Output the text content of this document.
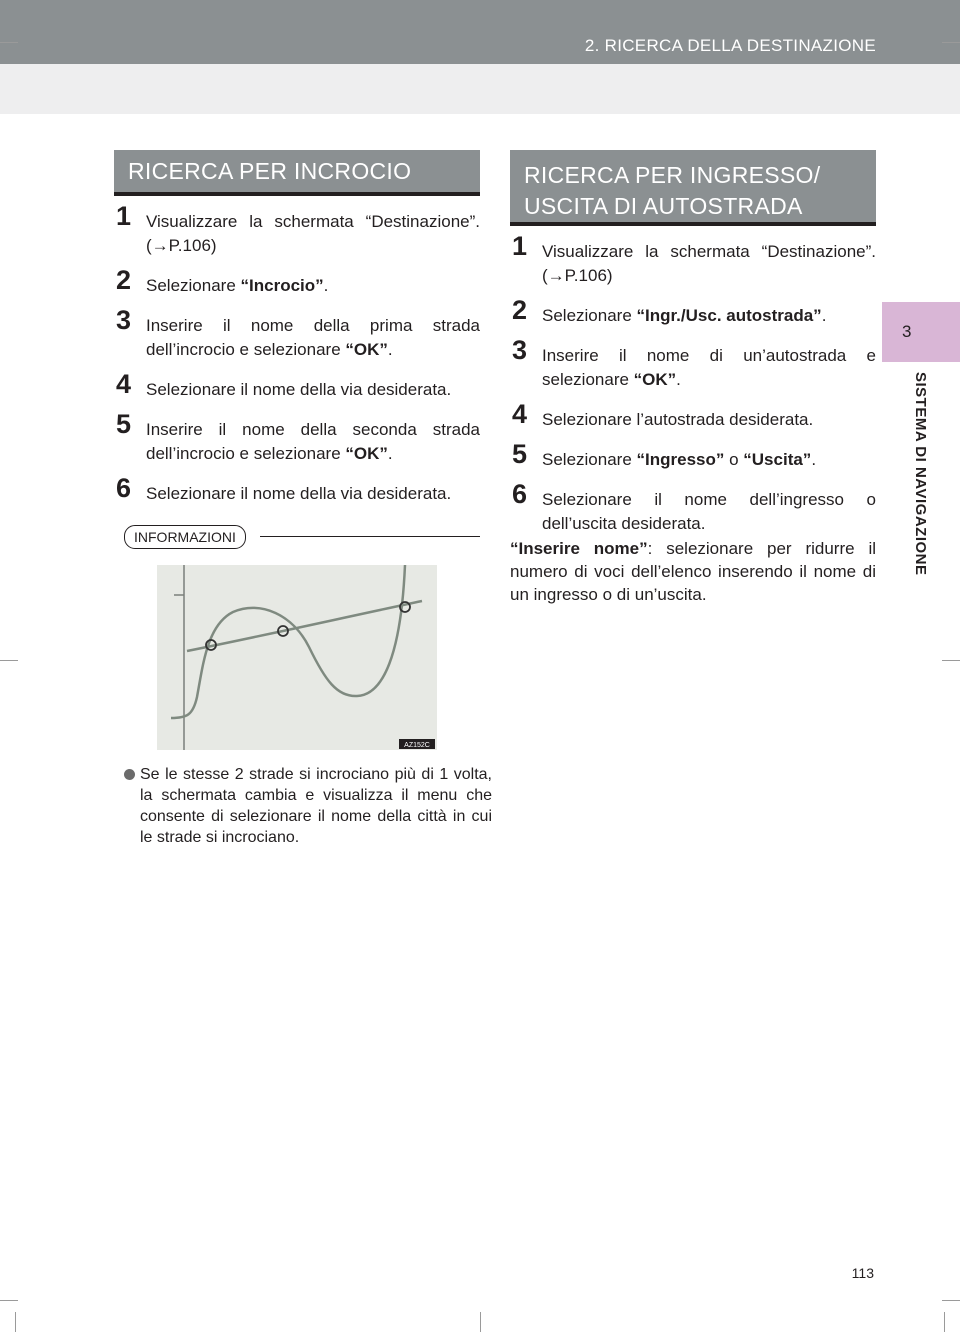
2. RICERCA DELLA DESTINAZIONE
3
SISTEMA DI NAVIGAZIONE
RICERCA PER INCROCIO
1 Visualizzare la schermata “Destinazione”. (→P.106)
2 Selezionare “Incrocio”.
3 Inserire il nome della prima strada dell’incrocio e selezionare “OK”.
4 Selezionare il nome della via desiderata.
5 Inserire il nome della seconda strada dell’incrocio e selezionare “OK”.
6 Selezionare il nome della via desiderata.
INFORMAZIONI
AZ152C
Se le stesse 2 strade si incrociano più di 1 volta, la schermata cambia e visualizza il menu che consente di selezionare il nome della città in cui le strade si incrociano.
RICERCA PER INGRESSO/
USCITA DI AUTOSTRADA
1 Visualizzare la schermata “Destinazione”. (→P.106)
2 Selezionare “Ingr./Usc. autostrada”.
3 Inserire il nome di un’autostrada e selezionare “OK”.
4 Selezionare l’autostrada desiderata.
5 Selezionare “Ingresso” o “Uscita”.
6 Selezionare il nome dell’ingresso o dell’uscita desiderata.
“Inserire nome”: selezionare per ridurre il numero di voci dell’elenco inserendo il nome di un ingresso o di un’uscita.
113
